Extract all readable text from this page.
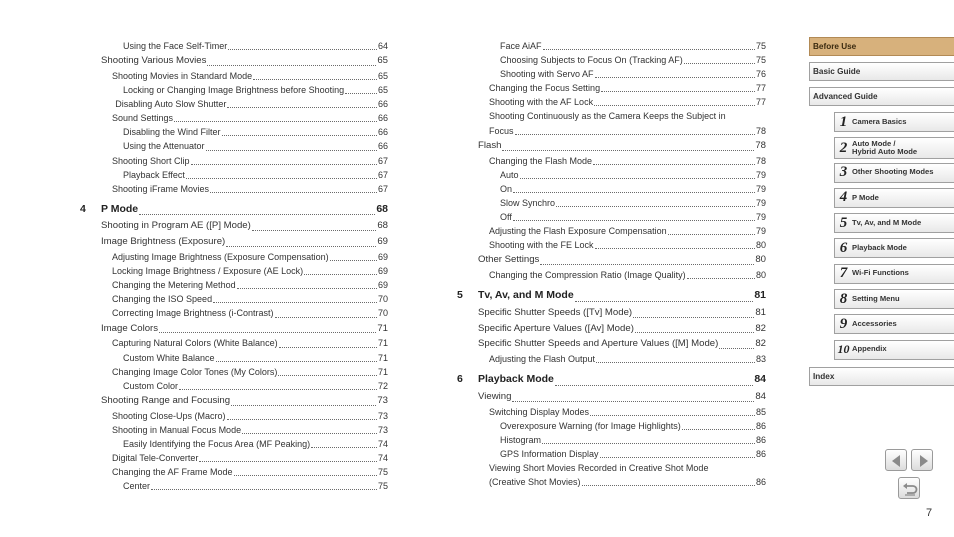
Using the Face Self-Timer	64
Shooting Various Movies	65
Shooting Movies in Standard Mode	65
Locking or Changing Image Brightness before Shooting	65
Disabling Auto Slow Shutter	66
Sound Settings	66
Disabling the Wind Filter	66
Using the Attenuator	66
Shooting Short Clip	67
Playback Effect	67
Shooting iFrame Movies	67
4	P Mode	68
Shooting in Program AE ([P] Mode)	68
Image Brightness (Exposure)	69
Adjusting Image Brightness (Exposure Compensation)	69
Locking Image Brightness / Exposure (AE Lock)	69
Changing the Metering Method	69
Changing the ISO Speed	70
Correcting Image Brightness (i-Contrast)	70
Image Colors	71
Capturing Natural Colors (White Balance)	71
Custom White Balance	71
Changing Image Color Tones (My Colors)	71
Custom Color	72
Shooting Range and Focusing	73
Shooting Close-Ups (Macro)	73
Shooting in Manual Focus Mode	73
Easily Identifying the Focus Area (MF Peaking)	74
Digital Tele-Converter	74
Changing the AF Frame Mode	75
Center	75
Face AiAF	75
Choosing Subjects to Focus On (Tracking AF)	75
Shooting with Servo AF	76
Changing the Focus Setting	77
Shooting with the AF Lock	77
Shooting Continuously as the Camera Keeps the Subject in
Focus	78
Flash	78
Changing the Flash Mode	78
Auto	79
On	79
Slow Synchro	79
Off	79
Adjusting the Flash Exposure Compensation	79
Shooting with the FE Lock	80
Other Settings	80
Changing the Compression Ratio (Image Quality)	80
5	Tv, Av, and M Mode	81
Specific Shutter Speeds ([Tv] Mode)	81
Specific Aperture Values ([Av] Mode)	82
Specific Shutter Speeds and Aperture Values ([M] Mode)	82
Adjusting the Flash Output	83
6	Playback Mode	84
Viewing	84
Switching Display Modes	85
Overexposure Warning (for Image Highlights)	86
Histogram	86
GPS Information Display	86
Viewing Short Movies Recorded in Creative Shot Mode
(Creative Shot Movies)	86
Before Use
Basic Guide
Advanced Guide
1 Camera Basics
2 Auto Mode /
Hybrid Auto Mode
3 Other Shooting Modes
4 P Mode
5 Tv, Av, and M Mode
6 Playback Mode
7 Wi-Fi Functions
8 Setting Menu
9 Accessories
10 Appendix
Index
7
